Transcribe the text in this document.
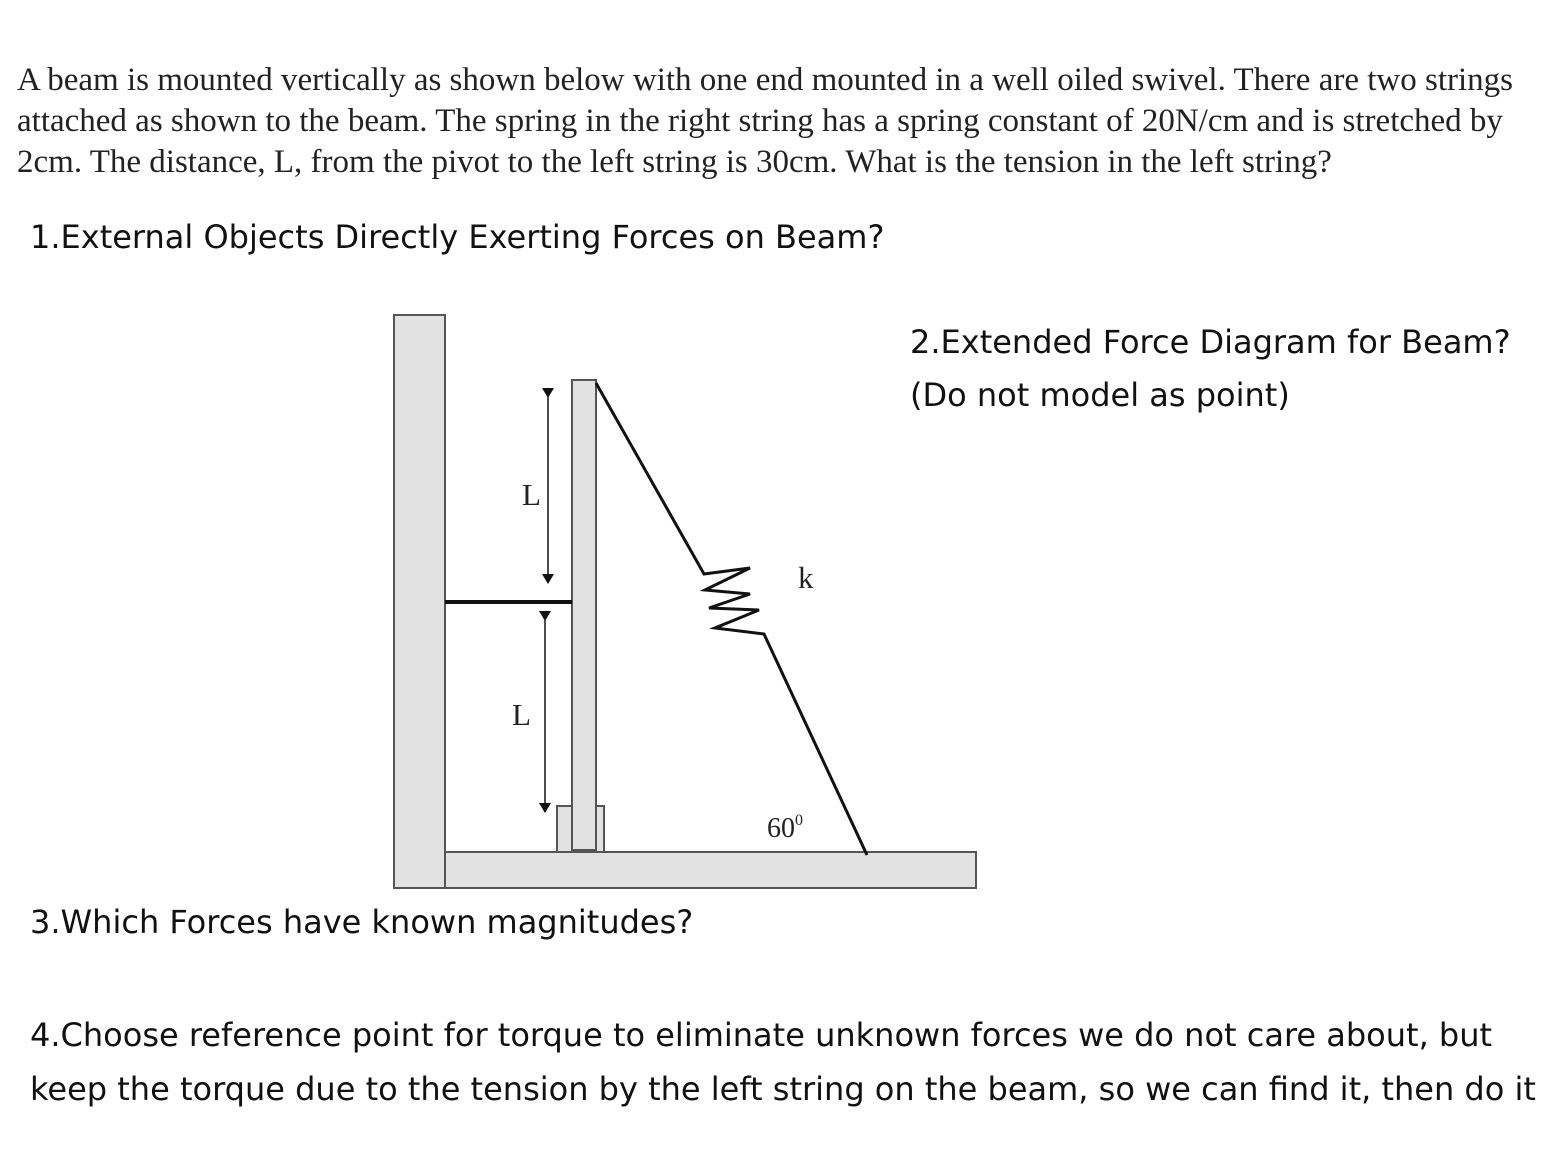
A beam is mounted vertically as shown below with one end mounted in a well oiled swivel. There are two strings attached as shown to the beam. The spring in the right string has a spring constant of 20N/cm and is stretched by 2cm. The distance, L, from the pivot to the left string is 30cm. What is the tension in the left string?
1.External Objects Directly Exerting Forces on Beam?
2.Extended Force Diagram for Beam?
(Do not model as point)
3.Which Forces have known magnitudes?
4.Choose reference point for torque to eliminate unknown forces we do not care about, but
keep the torque due to the tension by the left string on the beam, so we can find it, then do it
L
L
k
$60^0$
